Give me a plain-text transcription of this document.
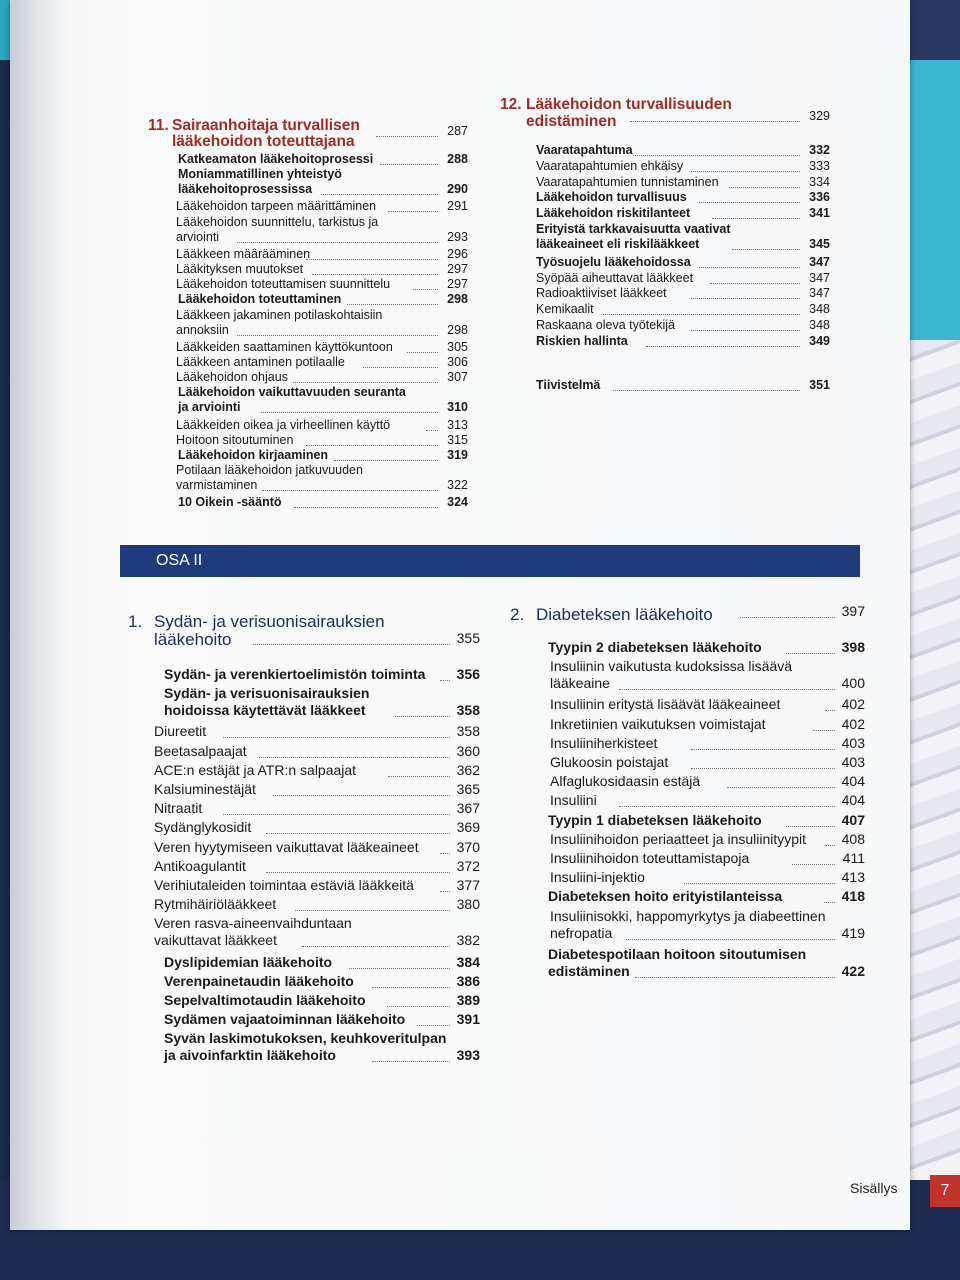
11. Sairaanhoitaja turvallisen
lääkehoidon toteuttajana
287
Katkeamaton lääkehoitoprosessi	288
Moniammatillinen yhteistyö
lääkehoitoprosessissa	290
Lääkehoidon tarpeen määrittäminen	291
Lääkehoidon suunnittelu, tarkistus ja
arviointi	293
Lääkkeen määrääminen	296
Lääkityksen muutokset	297
Lääkehoidon toteuttamisen suunnittelu	297
Lääkehoidon toteuttaminen	298
Lääkkeen jakaminen potilaskohtaisiin
annoksiin	298
Lääkkeiden saattaminen käyttökuntoon	305
Lääkkeen antaminen potilaalle	306
Lääkehoidon ohjaus	307
Lääkehoidon vaikuttavuuden seuranta
ja arviointi	310
Lääkkeiden oikea ja virheellinen käyttö	313
Hoitoon sitoutuminen	315
Lääkehoidon kirjaaminen	319
Potilaan lääkehoidon jatkuvuuden
varmistaminen	322
10 Oikein -sääntö	324
12. Lääkehoidon turvallisuuden
edistäminen	329
Vaaratapahtuma	332
Vaaratapahtumien ehkäisy	333
Vaaratapahtumien tunnistaminen	334
Lääkehoidon turvallisuus	336
Lääkehoidon riskitilanteet	341
Erityistä tarkkavaisuutta vaativat
lääkeaineet eli riskilääkkeet	345
Työsuojelu lääkehoidossa	347
Syöpää aiheuttavat lääkkeet	347
Radioaktiiviset lääkkeet	347
Kemikaalit	348
Raskaana oleva työtekijä	348
Riskien hallinta	349
Tiivistelmä	351
OSA II
1. Sydän- ja verisuonisairauksien
lääkehoito	355
Sydän- ja verenkiertoelimistön toiminta 356
Sydän- ja verisuonisairauksien
hoidoissa käytettävät lääkkeet	358
Diureetit	358
Beetasalpaajat	360
ACE:n estäjät ja ATR:n salpaajat	362
Kalsiuminestäjät	365
Nitraatit	367
Sydänglykosidit	369
Veren hyytymiseen vaikuttavat lääkeaineet	370
Antikoagulantit	372
Verihiutaleiden toimintaa estäviä lääkkeitä	377
Rytmihäiriölääkkeet	380
Veren rasva-aineenvaihduntaan
vaikuttavat lääkkeet	382
Dyslipidemian lääkehoito	384
Verenpainetaudin lääkehoito	386
Sepelvaltimotaudin lääkehoito	389
Sydämen vajaatoiminnan lääkehoito	391
Syvän laskimotukoksen, keuhkoveritulpan
ja aivoinfarktin lääkehoito	393
2. Diabeteksen lääkehoito	397
Tyypin 2 diabeteksen lääkehoito	398
Insuliinin vaikutusta kudoksissa lisäävä
lääkeaine	400
Insuliinin eritystä lisäävät lääkeaineet	402
Inkretiinien vaikutuksen voimistajat	402
Insuliiniherkisteet	403
Glukoosin poistajat	403
Alfaglukosidaasin estäjä	404
Insuliini	404
Tyypin 1 diabeteksen lääkehoito	407
Insuliinihoidon periaatteet ja insuliinityypit	408
Insuliinihoidon toteuttamistapoja	411
Insuliini-injektio	413
Diabeteksen hoito erityistilanteissa	418
Insuliinisokki, happomyrkytys ja diabeettinen
nefropatia	419
Diabetespotilaan hoitoon sitoutumisen
edistäminen	422
Sisällys	7
